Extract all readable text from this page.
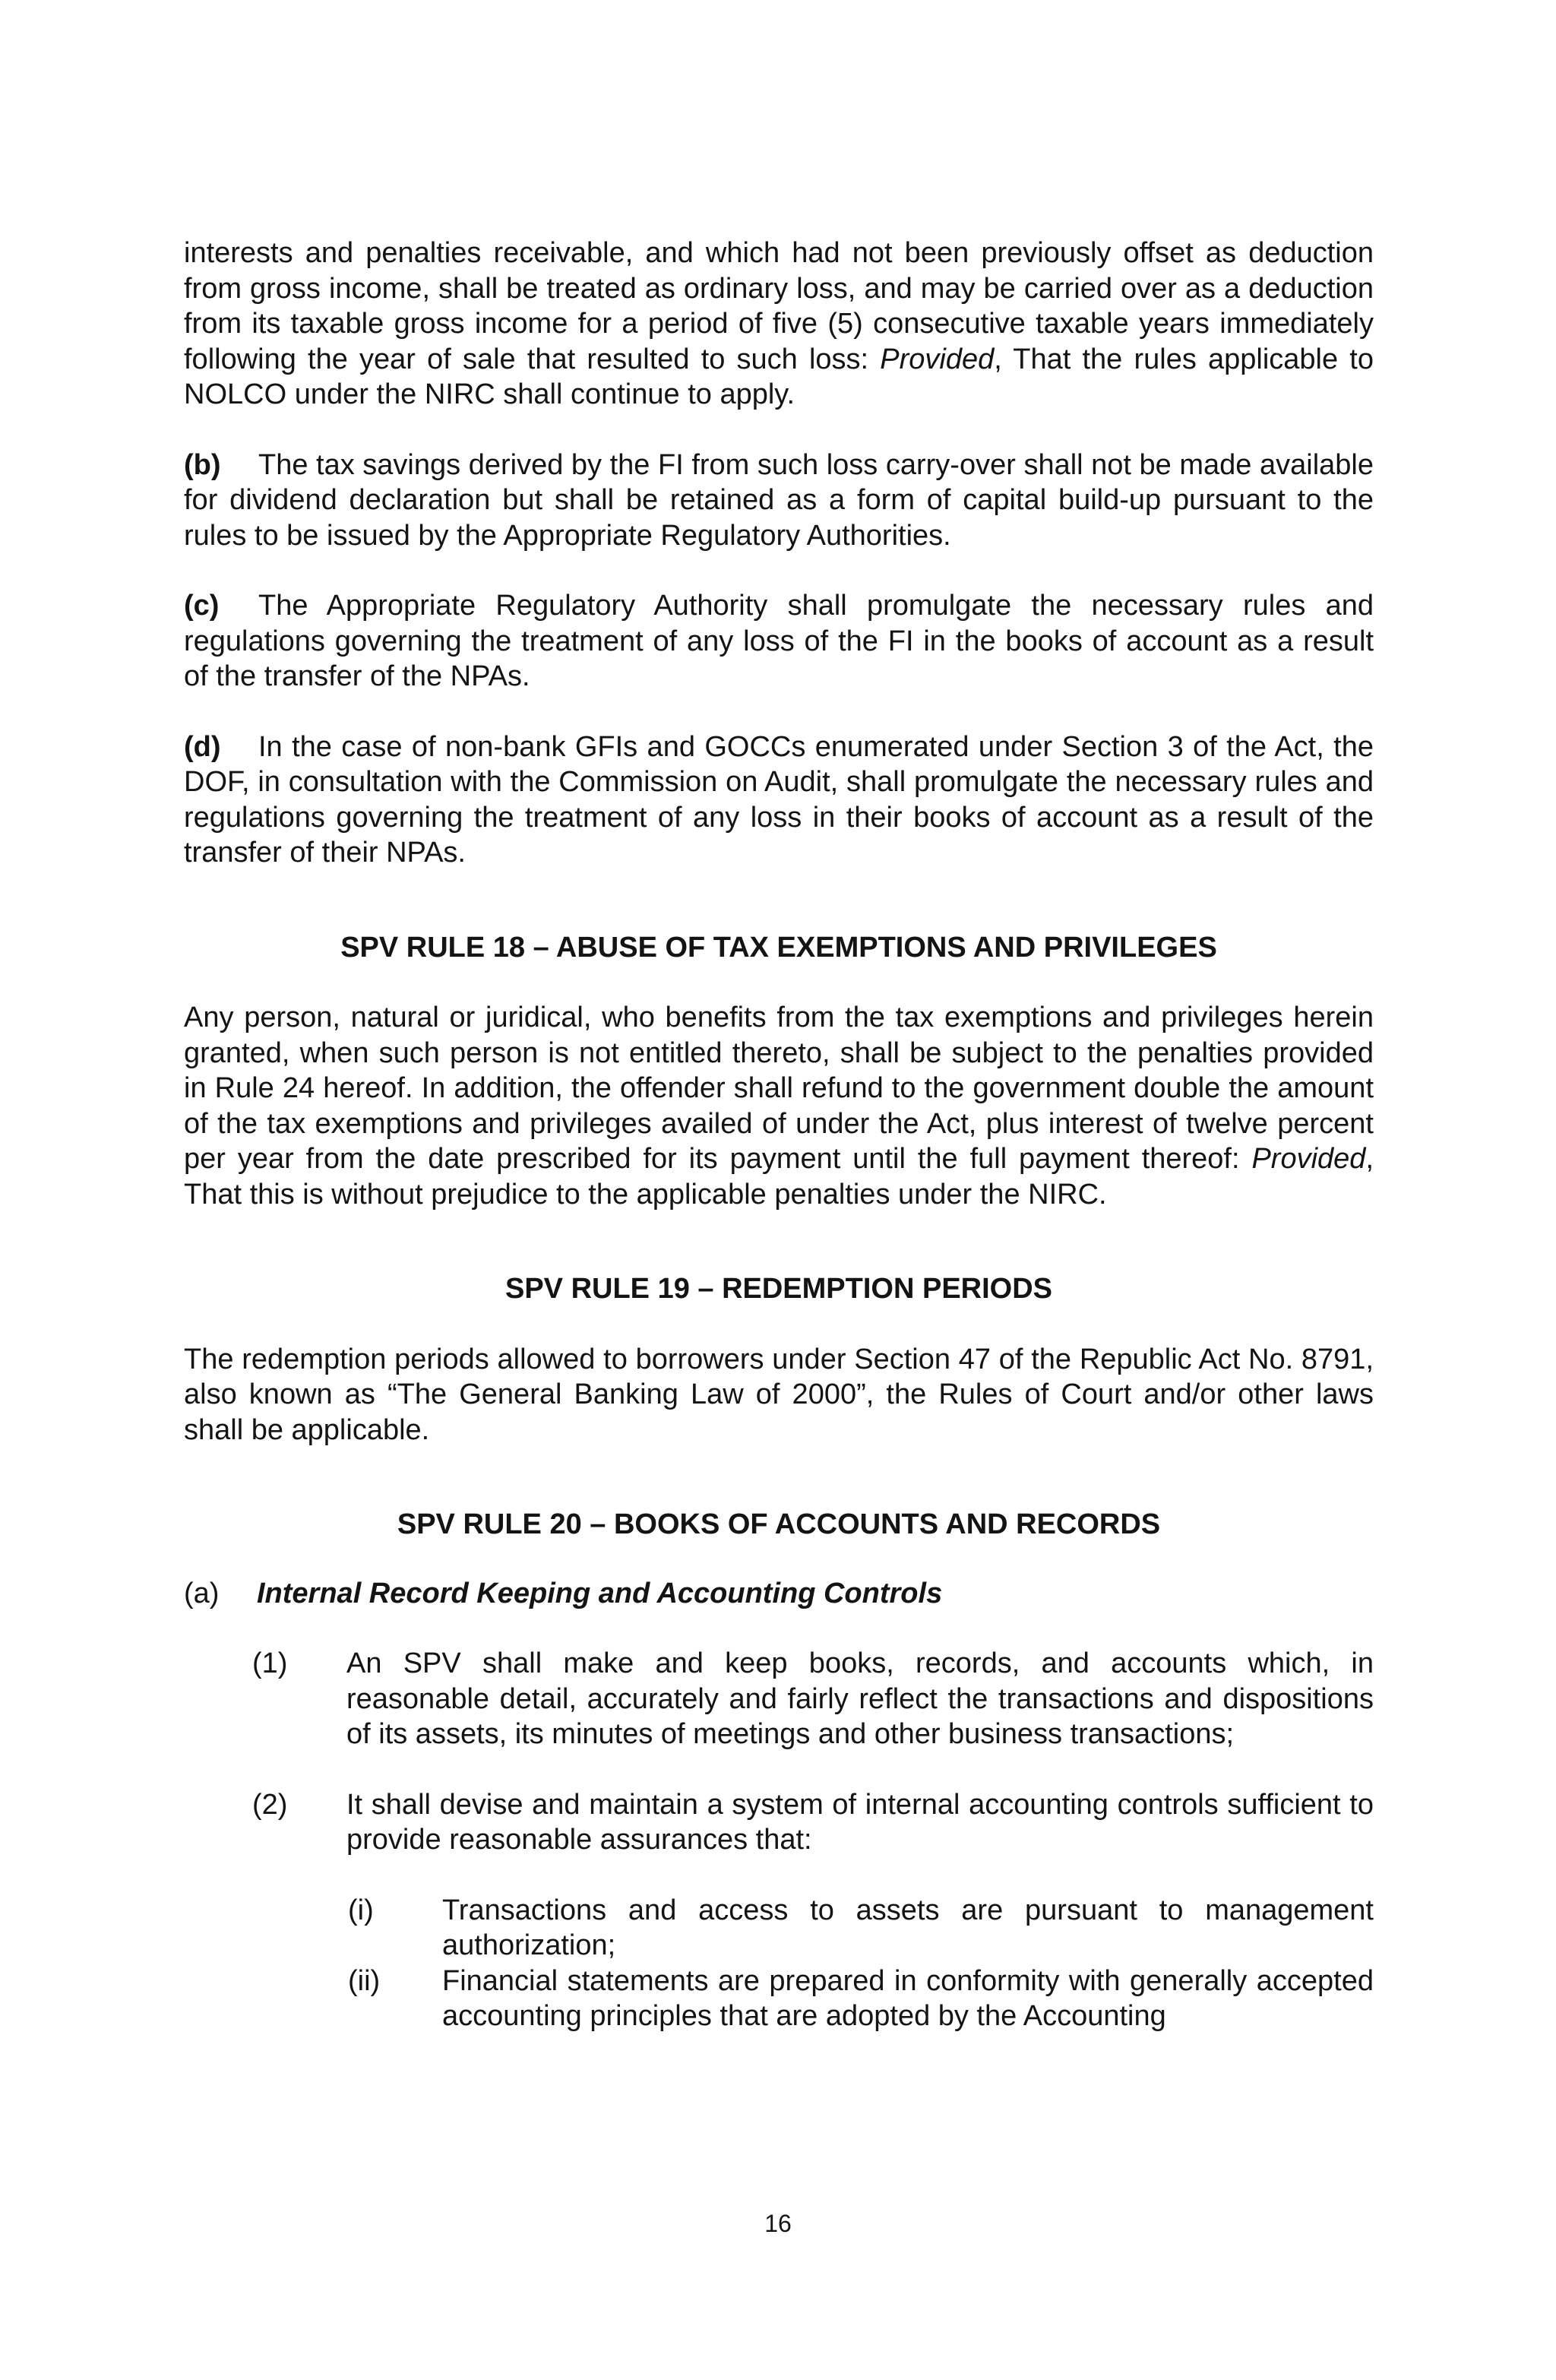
interests and penalties receivable, and which had not been previously offset as deduction from gross income, shall be treated as ordinary loss, and may be carried over as a deduction from its taxable gross income for a period of five (5) consecutive taxable years immediately following the year of sale that resulted to such loss: Provided, That the rules applicable to NOLCO under the NIRC shall continue to apply.

(b) The tax savings derived by the FI from such loss carry-over shall not be made available for dividend declaration but shall be retained as a form of capital build-up pursuant to the rules to be issued by the Appropriate Regulatory Authorities.

(c) The Appropriate Regulatory Authority shall promulgate the necessary rules and regulations governing the treatment of any loss of the FI in the books of account as a result of the transfer of the NPAs.

(d) In the case of non-bank GFIs and GOCCs enumerated under Section 3 of the Act, the DOF, in consultation with the Commission on Audit, shall promulgate the necessary rules and regulations governing the treatment of any loss in their books of account as a result of the transfer of their NPAs.

SPV RULE 18 – ABUSE OF TAX EXEMPTIONS AND PRIVILEGES

Any person, natural or juridical, who benefits from the tax exemptions and privileges herein granted, when such person is not entitled thereto, shall be subject to the penalties provided in Rule 24 hereof. In addition, the offender shall refund to the government double the amount of the tax exemptions and privileges availed of under the Act, plus interest of twelve percent per year from the date prescribed for its payment until the full payment thereof: Provided, That this is without prejudice to the applicable penalties under the NIRC.

SPV RULE 19 – REDEMPTION PERIODS

The redemption periods allowed to borrowers under Section 47 of the Republic Act No. 8791, also known as “The General Banking Law of 2000”, the Rules of Court and/or other laws shall be applicable.

SPV RULE 20 – BOOKS OF ACCOUNTS AND RECORDS

(a)	Internal Record Keeping and Accounting Controls
(1)	An SPV shall make and keep books, records, and accounts which, in reasonable detail, accurately and fairly reflect the transactions and dispositions of its assets, its minutes of meetings and other business transactions;
(2)	It shall devise and maintain a system of internal accounting controls sufficient to provide reasonable assurances that:
(i)	Transactions and access to assets are pursuant to management authorization;
(ii)	Financial statements are prepared in conformity with generally accepted accounting principles that are adopted by the Accounting
16
